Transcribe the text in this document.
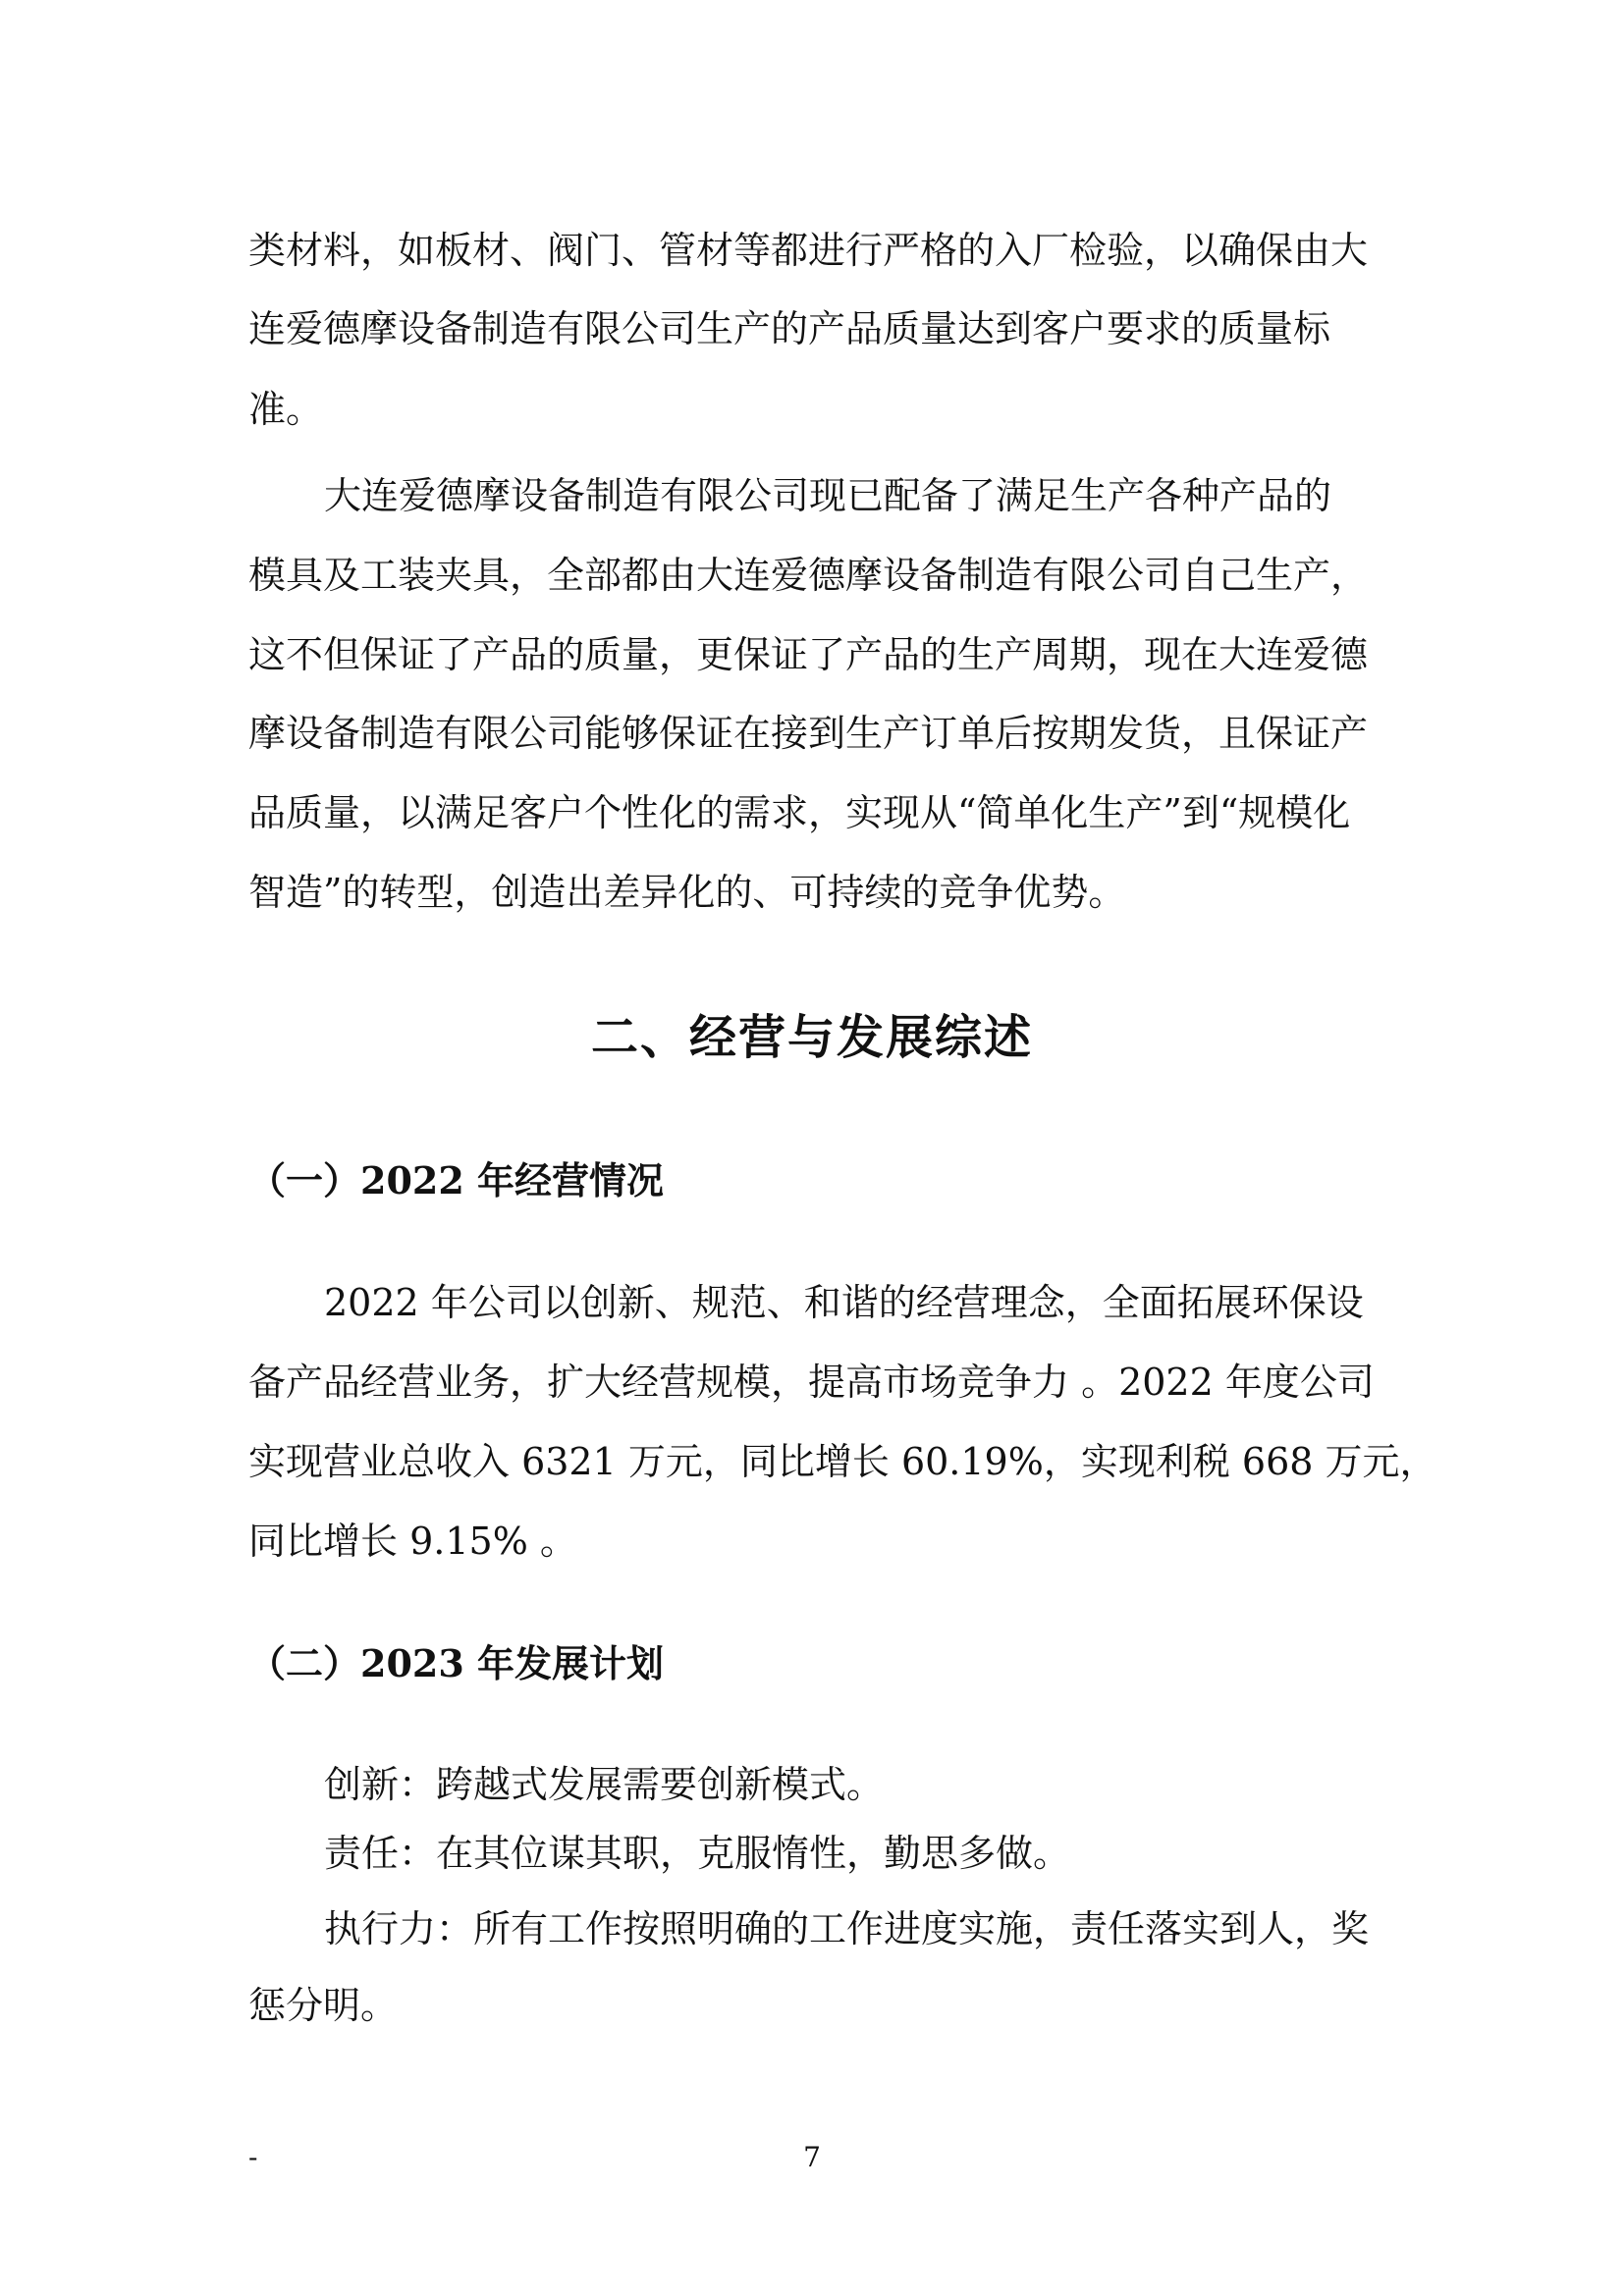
类材料，如板材、阀门、管材等都进行严格的入厂检验，以确保由大
连爱德摩设备制造有限公司生产的产品质量达到客户要求的质量标
准。
大连爱德摩设备制造有限公司现已配备了满足生产各种产品的
模具及工装夹具，全部都由大连爱德摩设备制造有限公司自己生产，
这不但保证了产品的质量，更保证了产品的生产周期，现在大连爱德
摩设备制造有限公司能够保证在接到生产订单后按期发货，且保证产
品质量，以满足客户个性化的需求，实现从“简单化生产”到“规模化
智造”的转型，创造出差异化的、可持续的竞争优势。
二、经营与发展综述
（一）2022 年经营情况
2022 年公司以创新、规范、和谐的经营理念，全面拓展环保设
备产品经营业务，扩大经营规模，提高市场竞争力 。2022 年度公司
实现营业总收入 6321 万元，同比增长 60.19%，实现利税 668 万元，
同比增长 9.15% 。
（二）2023 年发展计划
创新：跨越式发展需要创新模式。
责任：在其位谋其职，克服惰性，勤思多做。
执行力：所有工作按照明确的工作进度实施，责任落实到人，奖
惩分明。
-	7
